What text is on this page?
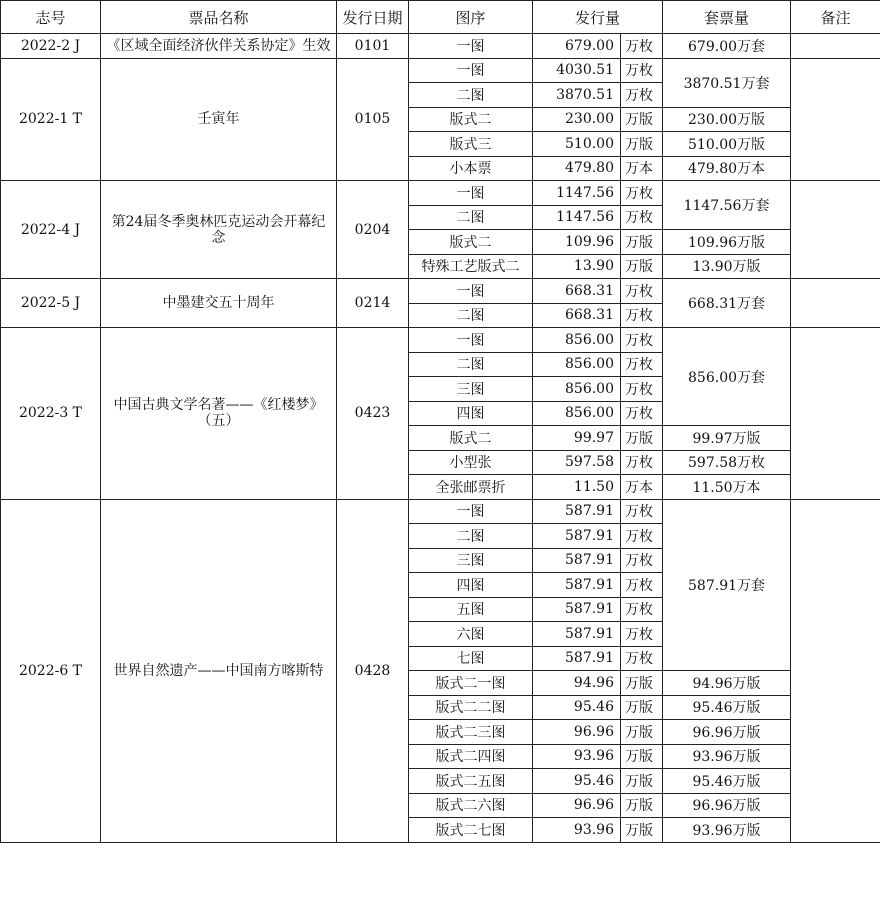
志号	票品名称	发行日期	图序	发行量		套票量	备注
2022-2 J	《区域全面经济伙伴关系协定》生效	0101	一图	679.00	万枚	679.00万套	
2022-1 T	壬寅年	0105	一图	4030.51	万枚	3870.51万套	
			二图	3870.51	万枚		
			版式二	230.00	万版	230.00万版	
			版式三	510.00	万版	510.00万版	
			小本票	479.80	万本	479.80万本	
2022-4 J	第24届冬季奥林匹克运动会开幕纪念	0204	一图	1147.56	万枚	1147.56万套	
			二图	1147.56	万枚		
			版式二	109.96	万版	109.96万版	
			特殊工艺版式二	13.90	万版	13.90万版	
2022-5 J	中墨建交五十周年	0214	一图	668.31	万枚	668.31万套	
			二图	668.31	万枚		
2022-3 T	中国古典文学名著——《红楼梦》（五）	0423	一图	856.00	万枚	856.00万套	
			二图	856.00	万枚		
			三图	856.00	万枚		
			四图	856.00	万枚		
			版式二	99.97	万版	99.97万版	
			小型张	597.58	万枚	597.58万枚	
			全张邮票折	11.50	万本	11.50万本	
2022-6 T	世界自然遗产——中国南方喀斯特	0428	一图	587.91	万枚	587.91万套	
			二图	587.91	万枚		
			三图	587.91	万枚		
			四图	587.91	万枚		
			五图	587.91	万枚		
			六图	587.91	万枚		
			七图	587.91	万枚		
			版式二一图	94.96	万版	94.96万版	
			版式二二图	95.46	万版	95.46万版	
			版式二三图	96.96	万版	96.96万版	
			版式二四图	93.96	万版	93.96万版	
			版式二五图	95.46	万版	95.46万版	
			版式二六图	96.96	万版	96.96万版	
			版式二七图	93.96	万版	93.96万版	
